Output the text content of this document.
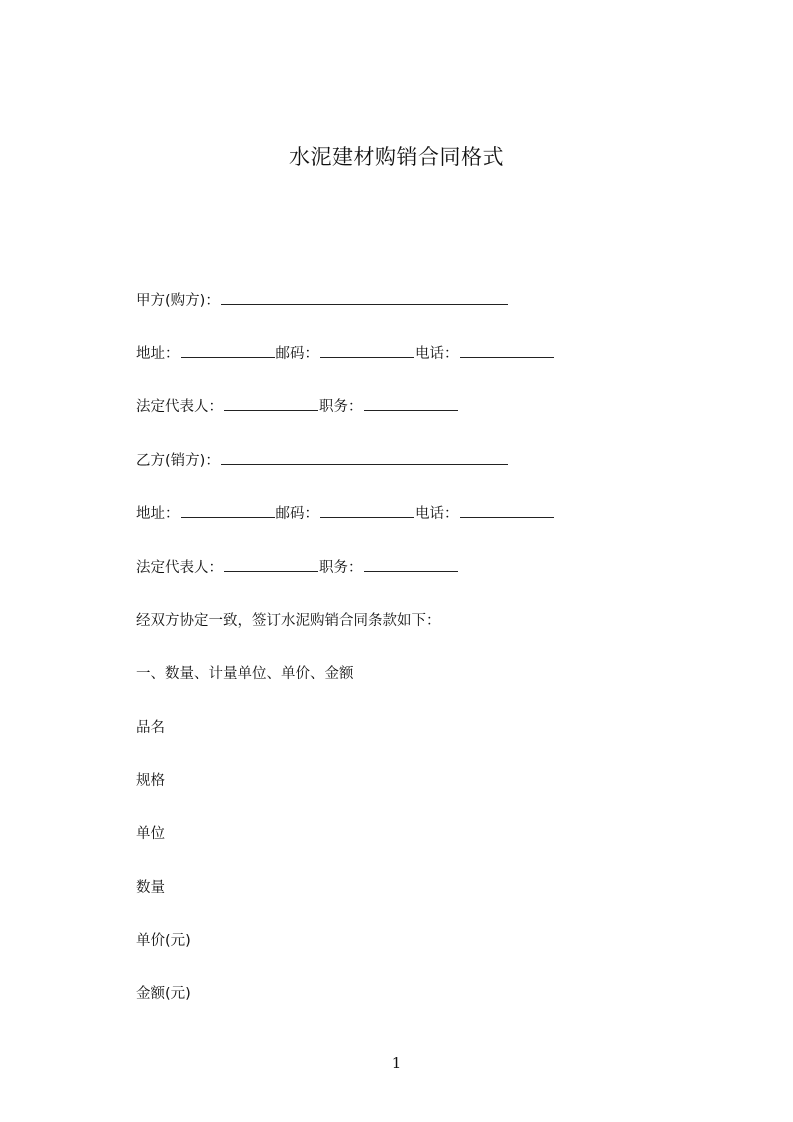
水泥建材购销合同格式
甲方(购方)：
地址：	邮码：	电话：
法定代表人：	职务：
乙方(销方)：
地址：	邮码：	电话：
法定代表人：	职务：
经双方协定一致，签订水泥购销合同条款如下：
一、数量、计量单位、单价、金额
品名
规格
单位
数量
单价(元)
金额(元)
1
